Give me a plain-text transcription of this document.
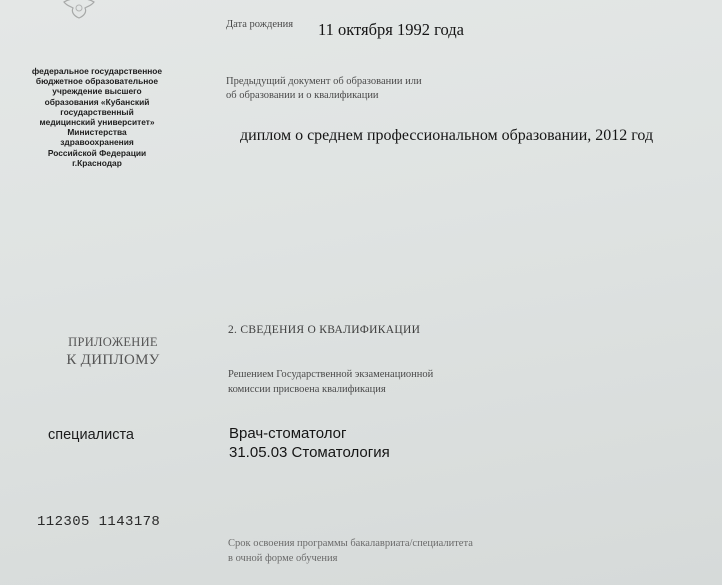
федеральное государственное
бюджетное образовательное
учреждение высшего
образования «Кубанский
государственный
медицинский университет»
Министерства
здравоохранения
Российской Федерации
г.Краснодар
Дата рождения 11 октября 1992 года
Предыдущий документ об образовании или
об образовании и о квалификации
диплом о среднем профессиональном образовании, 2012 год
ПРИЛОЖЕНИЕ
К ДИПЛОМУ
2. СВЕДЕНИЯ О КВАЛИФИКАЦИИ
Решением Государственной экзаменационной
комиссии присвоена квалификация
специалиста	Врач-стоматолог
31.05.03 Стоматология
112305 1143178
Срок освоения программы бакалавриата/специалитета
в очной форме обучения
